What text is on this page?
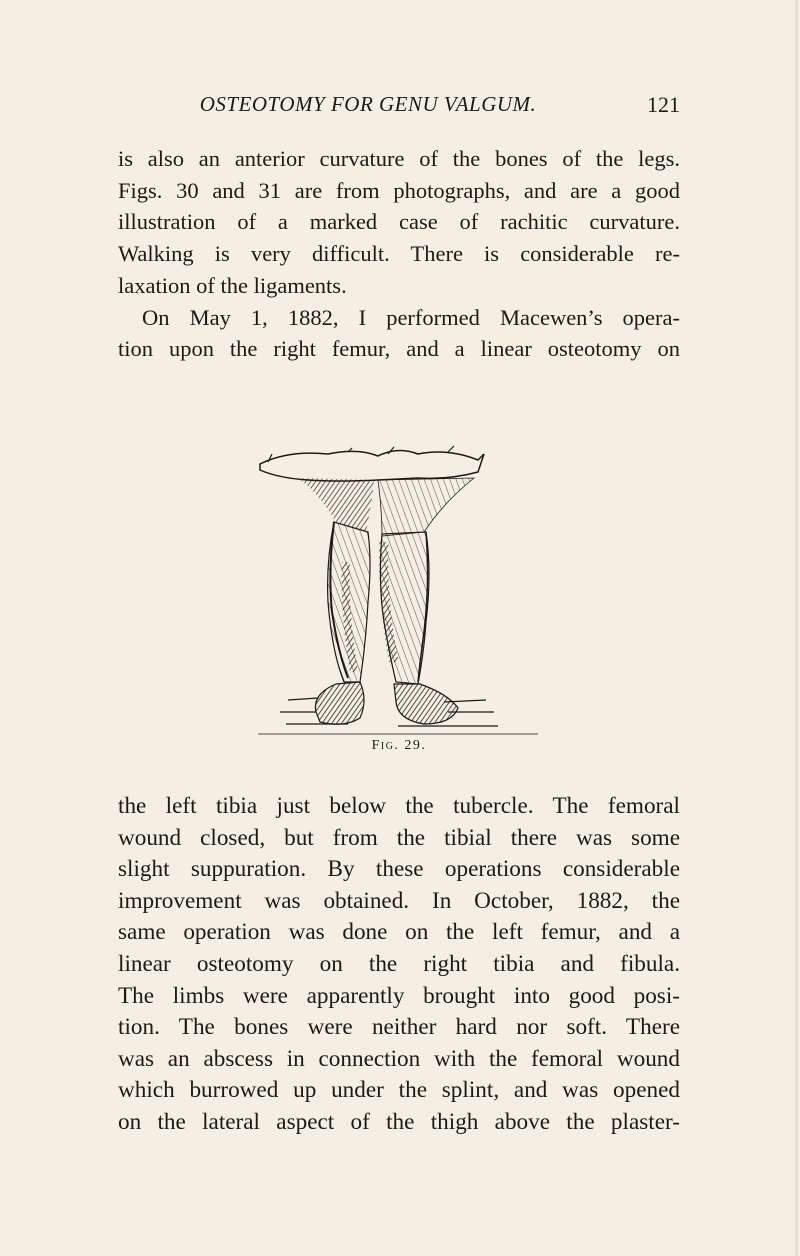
OSTEOTOMY FOR GENU VALGUM.	121

is also an anterior curvature of the bones of the legs.
Figs. 30 and 31 are from photographs, and are a good
illustration of a marked case of rachitic curvature.
Walking is very difficult. There is considerable re-
laxation of the ligaments.
On May 1, 1882, I performed Macewen’s opera-
tion upon the right femur, and a linear osteotomy on

Fig. 29.

the left tibia just below the tubercle. The femoral
wound closed, but from the tibial there was some
slight suppuration. By these operations considerable
improvement was obtained. In October, 1882, the
same operation was done on the left femur, and a
linear osteotomy on the right tibia and fibula.
The limbs were apparently brought into good posi-
tion. The bones were neither hard nor soft. There
was an abscess in connection with the femoral wound
which burrowed up under the splint, and was opened
on the lateral aspect of the thigh above the plaster-
